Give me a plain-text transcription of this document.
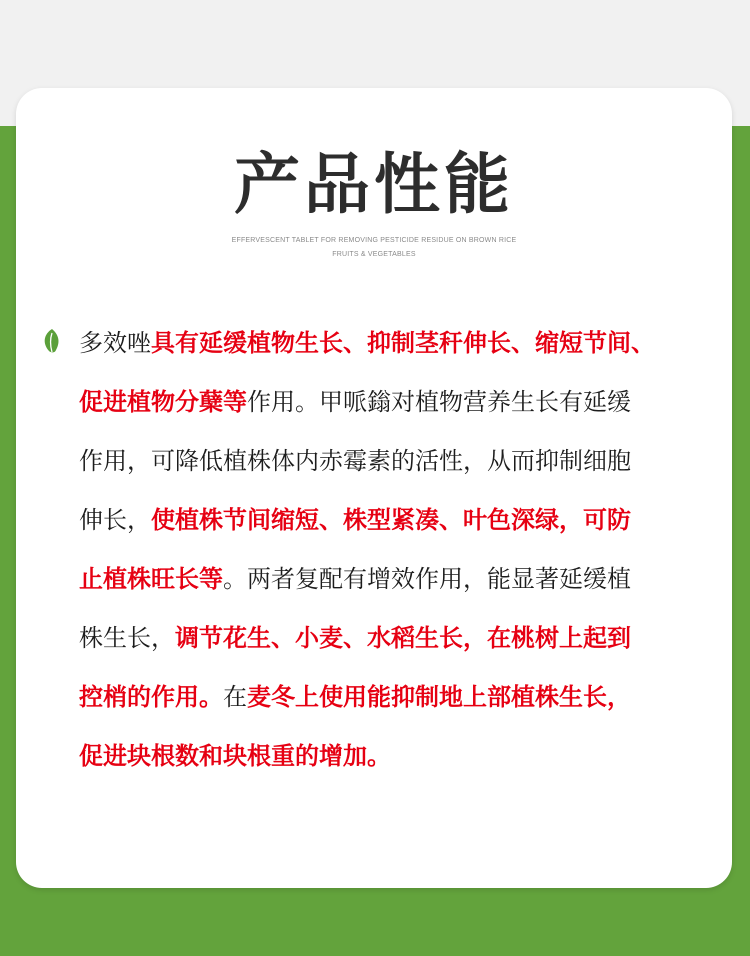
产品性能
EFFERVESCENT TABLET FOR REMOVING PESTICIDE RESIDUE ON BROWN RICE
FRUITS & VEGETABLES
多效唑具有延缓植物生长、抑制茎秆伸长、缩短节间、
促进植物分蘖等作用。甲哌鎓对植物营养生长有延缓
作用，可降低植株体内赤霉素的活性，从而抑制细胞
伸长，使植株节间缩短、株型紧凑、叶色深绿，可防
止植株旺长等。两者复配有增效作用，能显著延缓植
株生长，调节花生、小麦、水稻生长，在桃树上起到
控梢的作用。在麦冬上使用能抑制地上部植株生长，
促进块根数和块根重的增加。
